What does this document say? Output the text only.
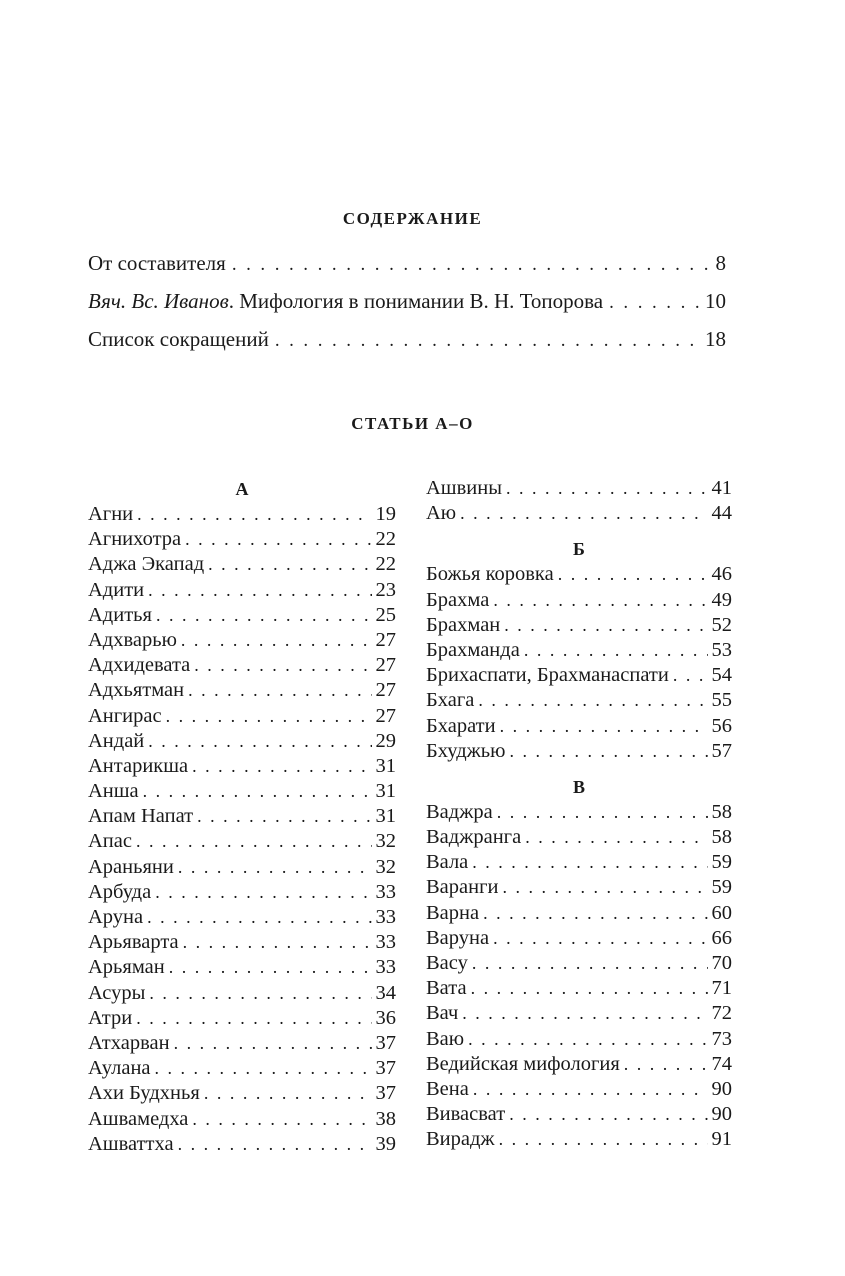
СОДЕРЖАНИЕ
От составителя . . .	8
Вяч. Вс. Иванов. Мифология в понимании В. Н. Топорова . . .	10
Список сокращений . . .	18
СТАТЬИ А–О
А
Агни . . .	19
Агнихотра . . .	22
Аджа Экапад . . .	22
Адити . . .	23
Адитья . . .	25
Адхварью . . .	27
Адхидевата . . .	27
Адхьятман . . .	27
Ангирас . . .	27
Андай . . .	29
Антарикша . . .	31
Анша . . .	31
Апам Напат . . .	31
Апас . . .	32
Араньяни . . .	32
Арбуда . . .	33
Аруна . . .	33
Арьяварта . . .	33
Арьяман . . .	33
Асуры . . .	34
Атри . . .	36
Атхарван . . .	37
Аулана . . .	37
Ахи Будхнья . . .	37
Ашвамедха . . .	38
Ашваттха . . .	39
Ашвины . . .	41
Аю . . .	44
Б
Божья коровка . . .	46
Брахма . . .	49
Брахман . . .	52
Брахманда . . .	53
Брихаспати, Брахманаспати . . . 54
Бхага . . .	55
Бхарати . . .	56
Бхуджью . . .	57
В
Ваджра . . .	58
Ваджранга . . .	58
Вала . . .	59
Варанги . . .	59
Варна . . .	60
Варуна . . .	66
Васу . . .	70
Вата . . .	71
Вач . . .	72
Ваю . . .	73
Ведийская мифология . . .	74
Вена . . .	90
Вивасват . . .	90
Вирадж . . .	91
